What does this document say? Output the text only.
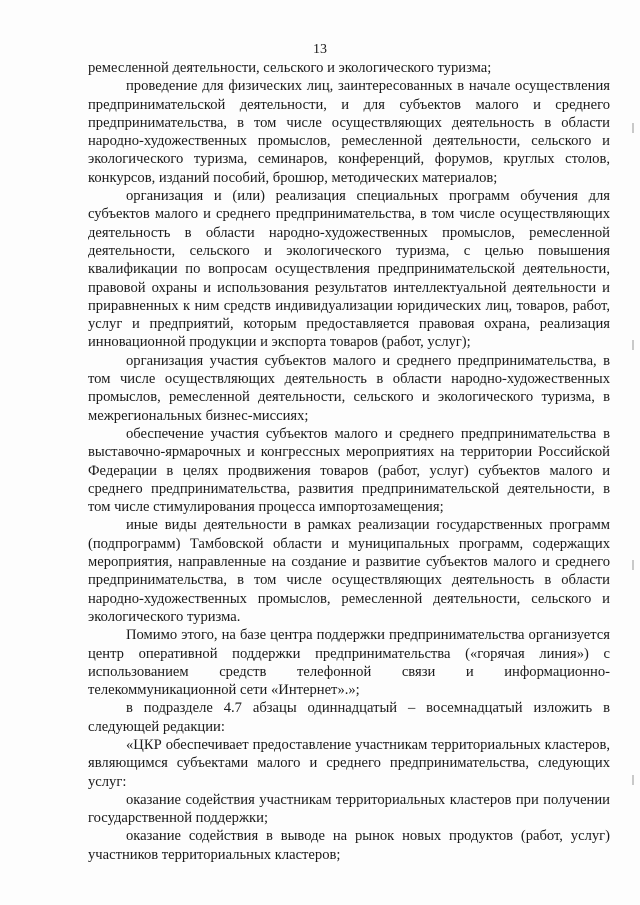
13

ремесленной деятельности, сельского и экологического туризма;

проведение для физических лиц, заинтересованных в начале осуществления предпринимательской деятельности, и для субъектов малого и среднего предпринимательства, в том числе осуществляющих деятельность в области народно-художественных промыслов, ремесленной деятельности, сельского и экологического туризма, семинаров, конференций, форумов, круглых столов, конкурсов, изданий пособий, брошюр, методических материалов;

организация и (или) реализация специальных программ обучения для субъектов малого и среднего предпринимательства, в том числе осуществляющих деятельность в области народно-художественных промыслов, ремесленной деятельности, сельского и экологического туризма, с целью повышения квалификации по вопросам осуществления предпринимательской деятельности, правовой охраны и использования результатов интеллектуальной деятельности и приравненных к ним средств индивидуализации юридических лиц, товаров, работ, услуг и предприятий, которым предоставляется правовая охрана, реализация инновационной продукции и экспорта товаров (работ, услуг);

организация участия субъектов малого и среднего предпринимательства, в том числе осуществляющих деятельность в области народно-художественных промыслов, ремесленной деятельности, сельского и экологического туризма, в межрегиональных бизнес-миссиях;

обеспечение участия субъектов малого и среднего предпринимательства в выставочно-ярмарочных и конгрессных мероприятиях на территории Российской Федерации в целях продвижения товаров (работ, услуг) субъектов малого и среднего предпринимательства, развития предпринимательской деятельности, в том числе стимулирования процесса импортозамещения;

иные виды деятельности в рамках реализации государственных программ (подпрограмм) Тамбовской области и муниципальных программ, содержащих мероприятия, направленные на создание и развитие субъектов малого и среднего предпринимательства, в том числе осуществляющих деятельность в области народно-художественных промыслов, ремесленной деятельности, сельского и экологического туризма.

Помимо этого, на базе центра поддержки предпринимательства организуется центр оперативной поддержки предпринимательства («горячая линия») с использованием средств телефонной связи и информационно-телекоммуникационной сети «Интернет».»;

в подразделе 4.7 абзацы одиннадцатый – восемнадцатый изложить в следующей редакции:

«ЦКР обеспечивает предоставление участникам территориальных кластеров, являющимся субъектами малого и среднего предпринимательства, следующих услуг:

оказание содействия участникам территориальных кластеров при получении государственной поддержки;

оказание содействия в выводе на рынок новых продуктов (работ, услуг) участников территориальных кластеров;
